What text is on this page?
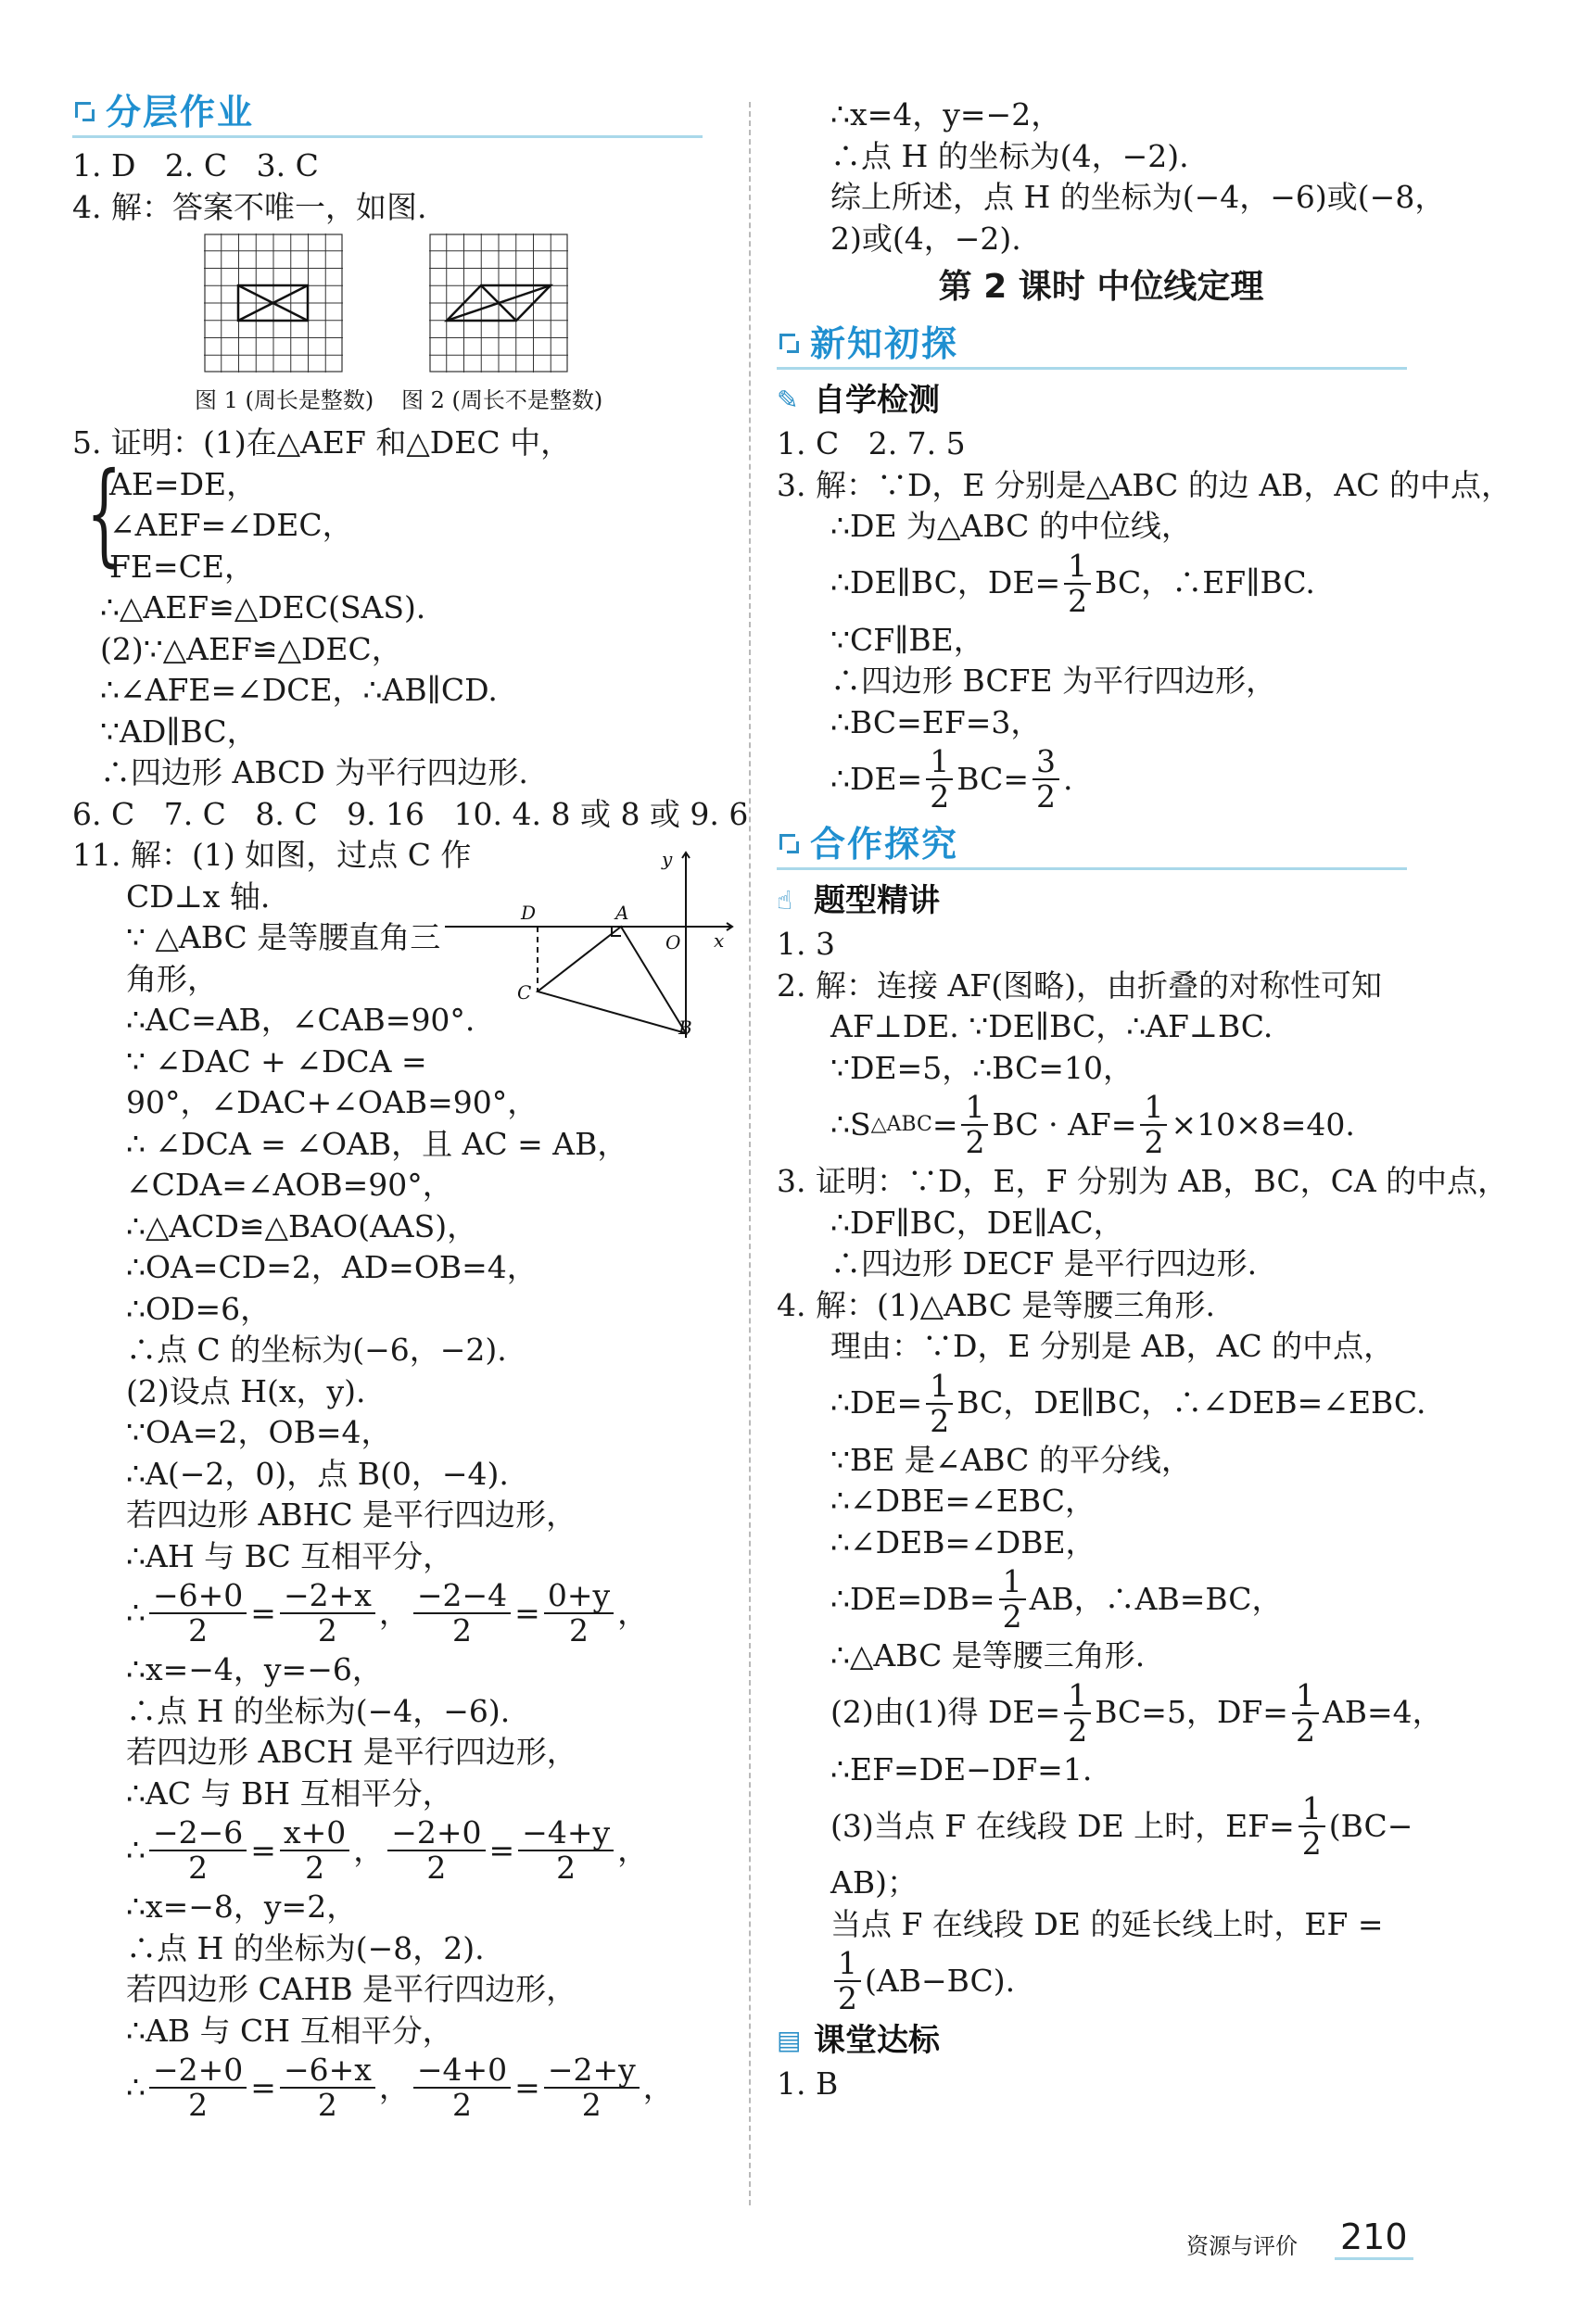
分层作业
1. D   2. C   3. C
4. 解：答案不唯一，如图.
图 1 (周长是整数) 图 2 (周长不是整数)
5. 证明：(1)在△AEF 和△DEC 中，
{
AE=DE，
∠AEF=∠DEC，
FE=CE，
∴△AEF≌△DEC(SAS).
(2)∵△AEF≌△DEC，
∴∠AFE=∠DCE，∴AB∥CD.
∵AD∥BC，
∴四边形 ABCD 为平行四边形.
6. C   7. C   8. C   9. 16   10. 4. 8 或 8 或 9. 6
11. 解：(1) 如图，过点 C 作
CD⊥x 轴.
∵ △ABC 是等腰直角三
角形，
∴AC=AB，∠CAB=90°.
∵ ∠DAC + ∠DCA =
90°，∠DAC+∠OAB=90°，
∴ ∠DCA = ∠OAB，且 AC = AB，
∠CDA=∠AOB=90°，
∴△ACD≌△BAO(AAS)，
∴OA=CD=2，AD=OB=4，
∴OD=6，
∴点 C 的坐标为(−6，−2).
(2)设点 H(x，y).
∵OA=2，OB=4，
∴A(−2，0)，点 B(0，−4).
若四边形 ABHC 是平行四边形，
∴AH 与 BC 互相平分，
∴ $\frac{-6+0}{2} = \frac{-2+x}{2}$ ， $\frac{-2-4}{2} = \frac{0+y}{2}$ ，
∴x=−4，y=−6，
∴点 H 的坐标为(−4，−6).
若四边形 ABCH 是平行四边形，
∴AC 与 BH 互相平分，
∴ $\frac{-2-6}{2} = \frac{x+0}{2}$ ， $\frac{-2+0}{2} = \frac{-4+y}{2}$ ，
∴x=−8，y=2，
∴点 H 的坐标为(−8，2).
若四边形 CAHB 是平行四边形，
∴AB 与 CH 互相平分，
∴ $\frac{-2+0}{2} = \frac{-6+x}{2}$ ， $\frac{-4+0}{2} = \frac{-2+y}{2}$ ，
y
x
D	A
O
C
B
∴x=4，y=−2，
∴点 H 的坐标为(4，−2).
综上所述，点 H 的坐标为(−4，−6)或(−8，
2)或(4，−2).
第 2 课时 中位线定理
新知初探
✎ 自学检测
1. C   2. 7. 5
3. 解：∵D，E 分别是△ABC 的边 AB，AC 的中点，
∴DE 为△ABC 的中位线，
∴DE∥BC，$DE= \frac{1}{2}$ BC，∴EF∥BC.
∵CF∥BE，
∴四边形 BCFE 为平行四边形，
∴BC=EF=3，
∴DE= $\frac{1}{2} BC= \frac{3}{2}$ .
合作探究
☝ 题型精讲
1. 3
2. 解：连接 AF(图略)，由折叠的对称性可知
AF⊥DE. ∵DE∥BC，∴AF⊥BC.
∵DE=5，∴BC=10，
∴S △ABC = $\frac{1}{2}$ BC · $AF= \frac{1}{2} \times 10\times 8=40$.
3. 证明：∵D，E，F 分别为 AB，BC，CA 的中点，
∴DF∥BC，DE∥AC，
∴四边形 DECF 是平行四边形.
4. 解：(1)△ABC 是等腰三角形.
理由：∵D，E 分别是 AB，AC 的中点，
∴DE= $\frac{1}{2}$ BC，DE∥BC，∴∠DEB=∠EBC.
∵BE 是∠ABC 的平分线，
∴∠DBE=∠EBC，
∴∠DEB=∠DBE，
∴DE=DB= $\frac{1}{2}$ AB，∴AB=BC，
∴△ABC 是等腰三角形.
(2)由(1)得 $DE= \frac{1}{2} BC=5$，$DF= \frac{1}{2} AB=4$，
∴EF=DE−DF=1.
(3)当点 F 在线段 DE 上时，$EF= \frac{1}{2} (BC-$
AB)；
当点 F 在线段 DE 的延长线上时，EF =
$\frac{1}{2} (AB-BC)$.
▤ 课堂达标
1. B
资源与评价 210
